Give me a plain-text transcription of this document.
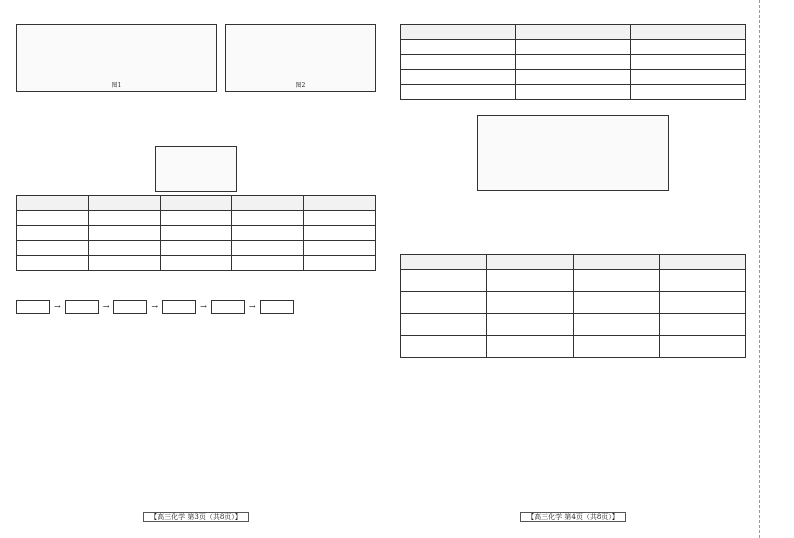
图1	图2

→	→	→	→	→
【高三化学 第3页（共8页）】

				【高三化学 第4页（共8页）】
